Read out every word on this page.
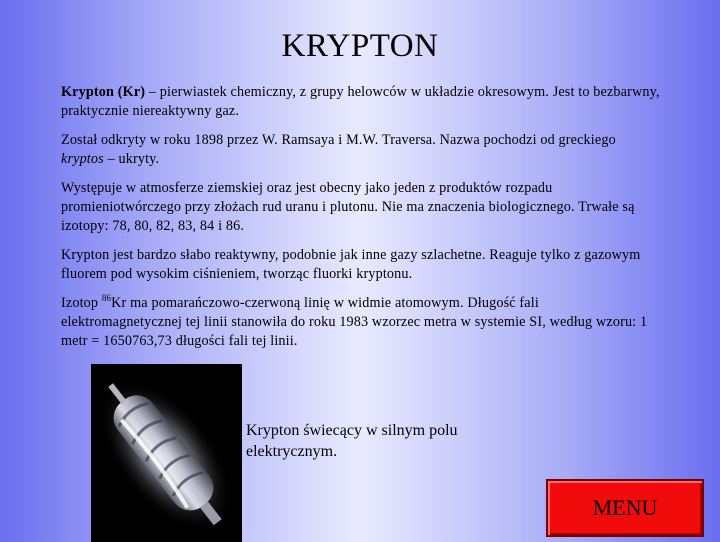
KRYPTON
Krypton (Kr) – pierwiastek chemiczny, z grupy helowców w układzie okresowym. Jest to bezbarwny, praktycznie niereaktywny gaz.
Został odkryty w roku 1898 przez W. Ramsaya i M.W. Traversa. Nazwa pochodzi od greckiego kryptos – ukryty.
Występuje w atmosferze ziemskiej oraz jest obecny jako jeden z produktów rozpadu promieniotwórczego przy złożach rud uranu i plutonu. Nie ma znaczenia biologicznego. Trwałe są izotopy: 78, 80, 82, 83, 84 i 86.
Krypton jest bardzo słabo reaktywny, podobnie jak inne gazy szlachetne. Reaguje tylko z gazowym fluorem pod wysokim ciśnieniem, tworząc fluorki kryptonu.
Izotop $^{86}$Kr ma pomarańczowo-czerwoną linię w widmie atomowym. Długość fali elektromagnetycznej tej linii stanowiła do roku 1983 wzorzec metra w systemie SI, według wzoru: 1 metr = 1650763,73 długości fali tej linii.
Krypton świecący w silnym polu elektrycznym.
MENU
